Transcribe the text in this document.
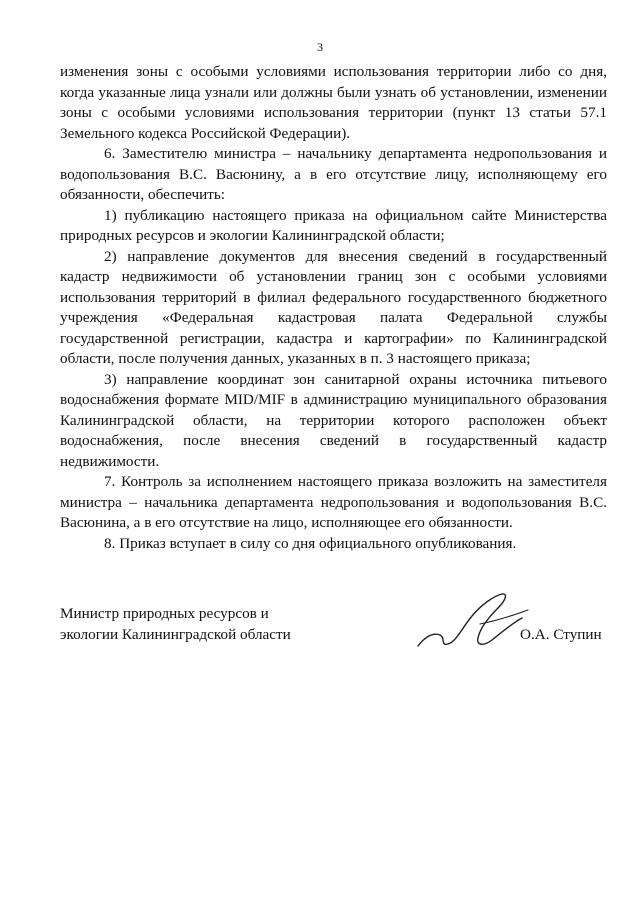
3

изменения зоны с особыми условиями использования территории либо со дня, когда указанные лица узнали или должны были узнать об установлении, изменении зоны с особыми условиями использования территории (пункт 13 статьи 57.1 Земельного кодекса Российской Федерации).

6. Заместителю министра – начальнику департамента недропользования и водопользования В.С. Васюнину, а в его отсутствие лицу, исполняющему его обязанности, обеспечить:

1) публикацию настоящего приказа на официальном сайте Министерства природных ресурсов и экологии Калининградской области;

2) направление документов для внесения сведений в государственный кадастр недвижимости об установлении границ зон с особыми условиями использования территорий в филиал федерального государственного бюджетного учреждения «Федеральная кадастровая палата Федеральной службы государственной регистрации, кадастра и картографии» по Калининградской области, после получения данных, указанных в п. 3 настоящего приказа;

3) направление координат зон санитарной охраны источника питьевого водоснабжения формате MID/MIF в администрацию муниципального образования Калининградской области, на территории которого расположен объект водоснабжения, после внесения сведений в государственный кадастр недвижимости.

7. Контроль за исполнением настоящего приказа возложить на заместителя министра – начальника департамента недропользования и водопользования В.С. Васюнина, а в его отсутствие на лицо, исполняющее его обязанности.

8. Приказ вступает в силу со дня официального опубликования.

Министр природных ресурсов и
экологии Калининградской области	О.А. Ступин
